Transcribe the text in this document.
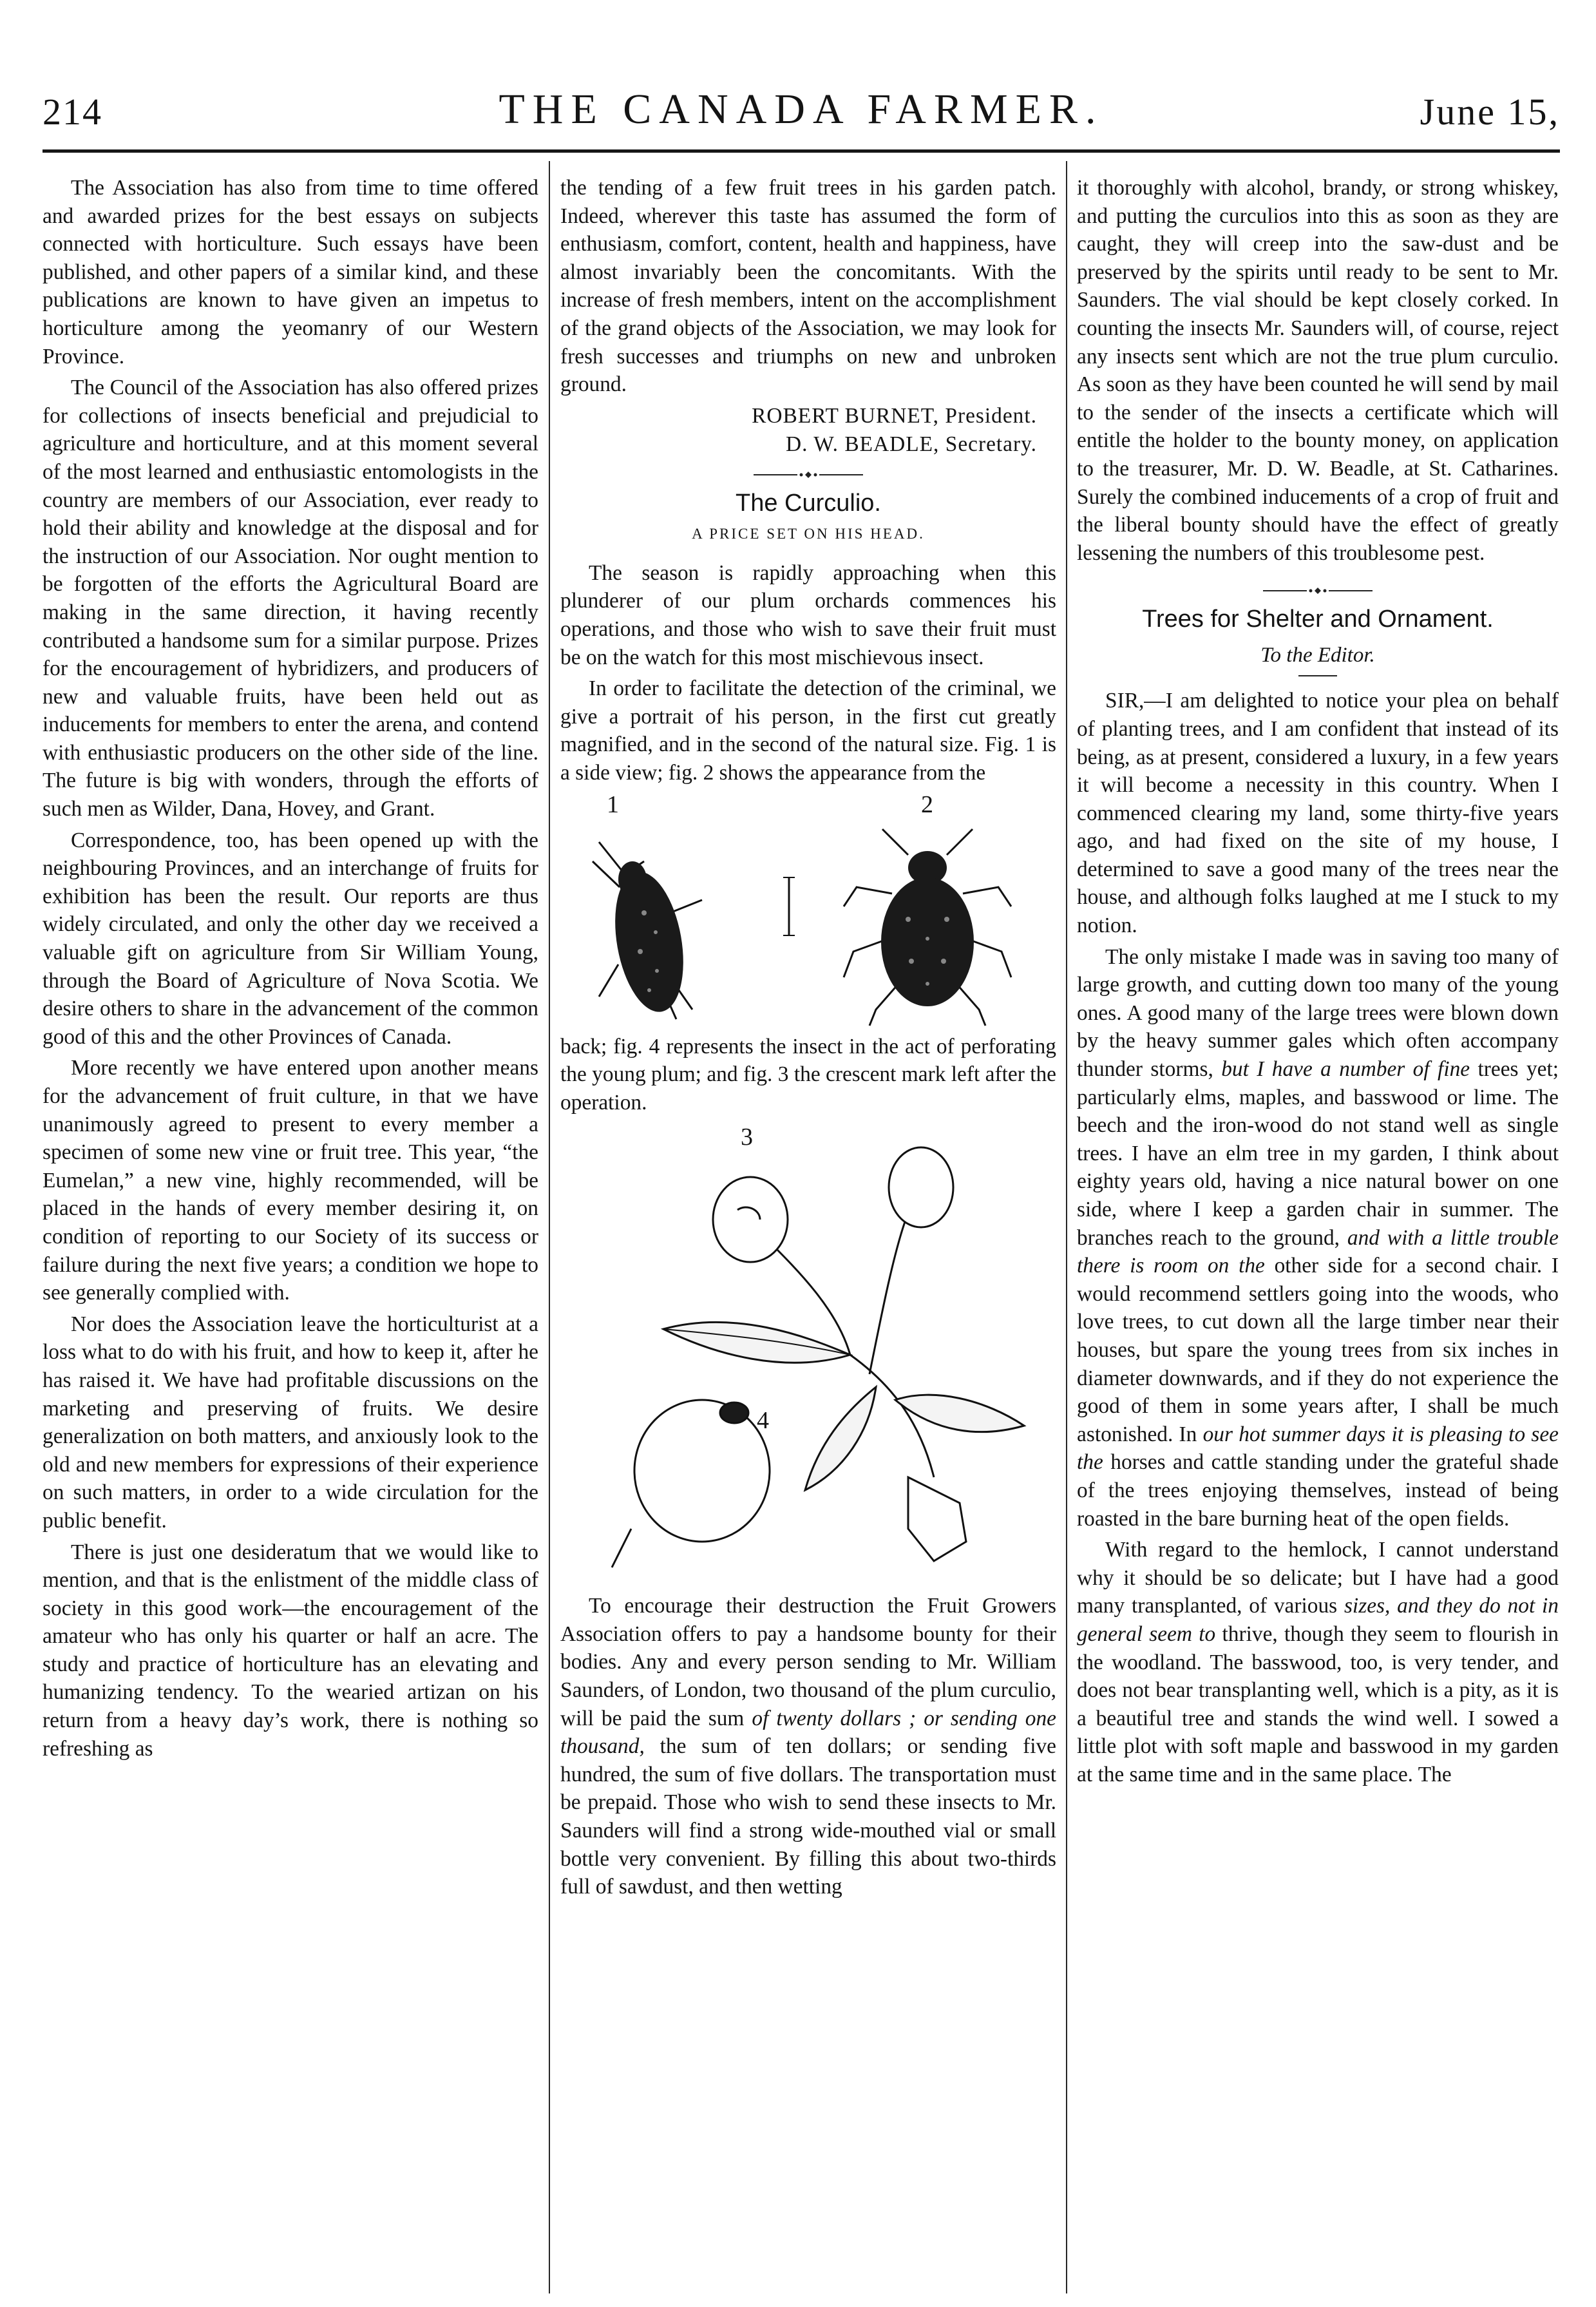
214	THE CANADA FARMER.	June 15,

The Association has also from time to time offered and awarded prizes for the best essays on subjects connected with horticulture. Such essays have been published, and other papers of a similar kind, and these publications are known to have given an impetus to horticulture among the yeomanry of our Western Province.

The Council of the Association has also offered prizes for collections of insects beneficial and prejudicial to agriculture and horticulture, and at this moment several of the most learned and enthusiastic entomologists in the country are members of our Association, ever ready to hold their ability and knowledge at the disposal and for the instruction of our Association. Nor ought mention to be forgotten of the efforts the Agricultural Board are making in the same direction, it having recently contributed a handsome sum for a similar purpose. Prizes for the encouragement of hybridizers, and producers of new and valuable fruits, have been held out as inducements for members to enter the arena, and contend with enthusiastic producers on the other side of the line. The future is big with wonders, through the efforts of such men as Wilder, Dana, Hovey, and Grant.

Correspondence, too, has been opened up with the neighbouring Provinces, and an interchange of fruits for exhibition has been the result. Our reports are thus widely circulated, and only the other day we received a valuable gift on agriculture from Sir William Young, through the Board of Agriculture of Nova Scotia. We desire others to share in the advancement of the common good of this and the other Provinces of Canada.

More recently we have entered upon another means for the advancement of fruit culture, in that we have unanimously agreed to present to every member a specimen of some new vine or fruit tree. This year, “the Eumelan,” a new vine, highly recommended, will be placed in the hands of every member desiring it, on condition of reporting to our Society of its success or failure during the next five years; a condition we hope to see generally complied with.

Nor does the Association leave the horticulturist at a loss what to do with his fruit, and how to keep it, after he has raised it. We have had profitable discussions on the marketing and preserving of fruits. We desire generalization on both matters, and anxiously look to the old and new members for expressions of their experience on such matters, in order to a wide circulation for the public benefit.

There is just one desideratum that we would like to mention, and that is the enlistment of the middle class of society in this good work—the encouragement of the amateur who has only his quarter or half an acre. The study and practice of horticulture has an elevating and humanizing tendency. To the wearied artizan on his return from a heavy day’s work, there is nothing so refreshing as

the tending of a few fruit trees in his garden patch. Indeed, wherever this taste has assumed the form of enthusiasm, comfort, content, health and happiness, have almost invariably been the concomitants. With the increase of fresh members, intent on the accomplishment of the grand objects of the Association, we may look for fresh successes and triumphs on new and unbroken ground.

ROBERT BURNET, President.
D. W. BEADLE, Secretary.
The Curculio.
A PRICE SET ON HIS HEAD.

The season is rapidly approaching when this plunderer of our plum orchards commences his operations, and those who wish to save their fruit must be on the watch for this most mischievous insect.

In order to facilitate the detection of the criminal, we give a portrait of his person, in the first cut greatly magnified, and in the second of the natural size. Fig. 1 is a side view; fig. 2 shows the appearance from the

1	2

back; fig. 4 represents the insect in the act of perforating the young plum; and fig. 3 the crescent mark left after the operation.

3
4

To encourage their destruction the Fruit Growers Association offers to pay a handsome bounty for their bodies. Any and every person sending to Mr. William Saunders, of London, two thousand of the plum curculio, will be paid the sum of twenty dollars ; or sending one thousand, the sum of ten dollars; or sending five hundred, the sum of five dollars. The transportation must be prepaid. Those who wish to send these insects to Mr. Saunders will find a strong wide-mouthed vial or small bottle very convenient. By filling this about two-thirds full of sawdust, and then wetting

it thoroughly with alcohol, brandy, or strong whiskey, and putting the curculios into this as soon as they are caught, they will creep into the saw-dust and be preserved by the spirits until ready to be sent to Mr. Saunders. The vial should be kept closely corked. In counting the insects Mr. Saunders will, of course, reject any insects sent which are not the true plum curculio. As soon as they have been counted he will send by mail to the sender of the insects a certificate which will entitle the holder to the bounty money, on application to the treasurer, Mr. D. W. Beadle, at St. Catharines. Surely the combined inducements of a crop of fruit and the liberal bounty should have the effect of greatly lessening the numbers of this troublesome pest.

Trees for Shelter and Ornament.
To the Editor.

SIR,—I am delighted to notice your plea on behalf of planting trees, and I am confident that instead of its being, as at present, considered a luxury, in a few years it will become a necessity in this country. When I commenced clearing my land, some thirty-five years ago, and had fixed on the site of my house, I determined to save a good many of the trees near the house, and although folks laughed at me I stuck to my notion.

The only mistake I made was in saving too many of large growth, and cutting down too many of the young ones. A good many of the large trees were blown down by the heavy summer gales which often accompany thunder storms, but I have a number of fine trees yet; particularly elms, maples, and basswood or lime. The beech and the iron-wood do not stand well as single trees. I have an elm tree in my garden, I think about eighty years old, having a nice natural bower on one side, where I keep a garden chair in summer. The branches reach to the ground, and with a little trouble there is room on the other side for a second chair. I would recommend settlers going into the woods, who love trees, to cut down all the large timber near their houses, but spare the young trees from six inches in diameter downwards, and if they do not experience the good of them in some years after, I shall be much astonished. In our hot summer days it is pleasing to see the horses and cattle standing under the grateful shade of the trees enjoying themselves, instead of being roasted in the bare burning heat of the open fields.

With regard to the hemlock, I cannot understand why it should be so delicate; but I have had a good many transplanted, of various sizes, and they do not in general seem to thrive, though they seem to flourish in the woodland. The basswood, too, is very tender, and does not bear transplanting well, which is a pity, as it is a beautiful tree and stands the wind well. I sowed a little plot with soft maple and basswood in my garden at the same time and in the same place. The
